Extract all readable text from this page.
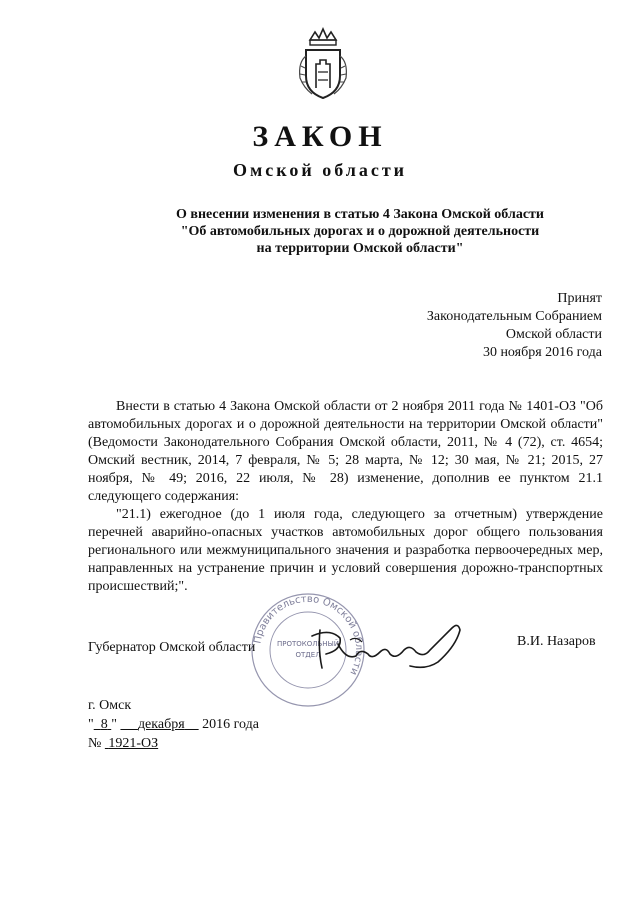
ЗАКОН
Омской области
О внесении изменения в статью 4 Закона Омской области
"Об автомобильных дорогах и о дорожной деятельности
на территории Омской области"
Принят
Законодательным Собранием
Омской области
30 ноября 2016 года

Внести в статью 4 Закона Омской области от 2 ноября 2011 года № 1401-ОЗ "Об автомобильных дорогах и о дорожной деятельности на территории Омской области" (Ведомости Законодательного Собрания Омской области, 2011, № 4 (72), ст. 4654; Омский вестник, 2014, 7 февраля, № 5; 28 марта, № 12; 30 мая, № 21; 2015, 27 ноября, № 49; 2016, 22 июля, № 28) изменение, дополнив ее пунктом 21.1 следующего содержания:

"21.1) ежегодное (до 1 июля года, следующего за отчетным) утверждение перечней аварийно-опасных участков автомобильных дорог общего пользования регионального или межмуниципального значения и разработка первоочередных мер, направленных на устранение причин и условий совершения дорожно-транспортных происшествий;".

Правительство Омской области
ПРОТОКОЛЬНЫЙ
ОТДЕЛ
Губернатор Омской области	В.И. Назаров
г. Омск
" 8 " декабря 2016 года
№ 1921-ОЗ
